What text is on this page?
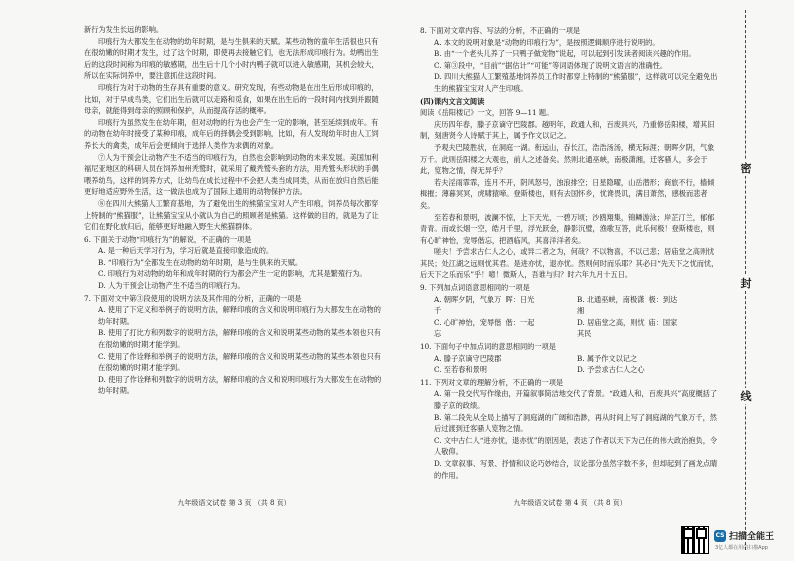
新行为发生长远的影响。

印痕行为大都发生在动物的幼年时期，是与生俱来的天赋。某些动物的童年生活很也只有在很幼嫩的时期才发生，过了这个时期，即使再去接触它们，也无法形成印痕行为。幼鸭出生后的这段时间称为印痕的敏感期，出生后十几个小时内鸭子就可以进入敏感期，其机会较大，所以在实际饲养中，要注意抓住这段时间。

印痕行为对于动物的生存具有重要的意义。研究发现，有些动物是在出生后形成印痕的，比如，对于早成鸟类，它们出生后就可以走路和觅食，如果在出生后的一段时间内找到并跟随母亲，就能得到母亲的照顾和保护，从而提高存活的概率。

印痕行为虽然发生在幼年期，但对动物的行为也会产生一定的影响，甚至延续到成年。有的动物在幼年时接受了某种印痕，成年后的择偶会受到影响，比如，有人发现幼年时由人工饲养长大的禽类，成年后会更倾向于选择人类作为求偶的对象。

⑦人为干预会让动物产生不适当的印痕行为，自然也会影响到动物的未来发展。美国加利福尼亚地区的科研人员在饲养加州秃鹫时，就采用了戴秃鹫头套的方法，用秃鹫头形状的手偶喂养幼鸟，这样的饲养方式，让幼鸟在成长过程中不会把人类当成同类，从而在放归自然后能更好地适应野外生活，这一做法也成为了国际上通用的动物保护方法。

⑧在四川大熊猫人工繁育基地，为了避免出生的熊猫宝宝对人产生印痕，饲养员每次都穿上特制的“熊猫服”，让熊猫宝宝从小就认为自己的照顾者是熊猫。这样做的目的，就是为了让它们在野化放归后，能够更好地融入野生大熊猫群体。

6. 下面关于动物“印痕行为”的解说，不正确的一项是

A. 是一种后天学习行为，学习后就是直接印象造成的。

B. “印痕行为”全都发生在动物的幼年时期，是与生俱来的天赋。

C. 印痕行为对动物的幼年和成年时期的行为都会产生一定的影响，尤其是繁殖行为。

D. 人为干预会让动物产生不适当的印痕行为。

7. 下面对文中第③段使用的说明方法及其作用的分析，正确的一项是

A. 使用了下定义和举例子的说明方法，解释印痕的含义和说明印痕行为大都发生在动物的幼年时期。

B. 使用了打比方和列数字的说明方法，解释印痕的含义和说明某些动物的某些本领也只有在很幼嫩的时期才能学到。

C. 使用了作诠释和举例子的说明方法，解释印痕的含义和说明某些动物的某些本领也只有在很幼嫩的时期才能学到。

D. 使用了作诠释和列数字的说明方法，解释印痕的含义和说明印痕行为大都发生在动物的幼年时期。

九年级语文试卷 第 3 页 （共 8 页）

8. 下面对文章内容、写法的分析，不正确的一项是

A. 本文的说明对象是“动物的印痕行为”，是按照逻辑顺序进行说明的。

B. 由“一个老头儿养了一只鸭子做宠物”说起，可以起到引发读者阅读兴趣的作用。

C. 第③段中，“目前”“据估计”“可能”等词语体现了说明文语言的准确性。

D. 四川大熊猫人工繁殖基地饲养员工作时都穿上特制的“熊猫服”，这样就可以完全避免出生的熊猫宝宝对人产生印痕。

(四)课内文言文阅读

阅读《岳阳楼记》一文，回答 9—11 题。

庆历四年春，滕子京谪守巴陵郡。越明年，政通人和，百废具兴，乃重修岳阳楼，增其旧制，刻唐贤今人诗赋于其上，属予作文以记之。

予观夫巴陵胜状，在洞庭一湖。衔远山，吞长江，浩浩汤汤，横无际涯；朝晖夕阴，气象万千。此则岳阳楼之大观也，前人之述备矣。然则北通巫峡，南极潇湘，迁客骚人，多会于此，览物之情，得无异乎？

若夫淫雨霏霏，连月不开，阴风怒号，浊浪排空；日星隐曜，山岳潜形；商旅不行，樯倾楫摧；薄暮冥冥，虎啸猿啼。登斯楼也，则有去国怀乡，忧谗畏讥，满目萧然，感极而悲者矣。

至若春和景明，波澜不惊，上下天光，一碧万顷；沙鸥翔集，锦鳞游泳；岸芷汀兰，郁郁青青。而或长烟一空，皓月千里，浮光跃金，静影沉璧，渔歌互答，此乐何极！登斯楼也，则有心旷神怡，宠辱偕忘，把酒临风，其喜洋洋者矣。

嗟夫！予尝求古仁人之心，或异二者之为，何哉？不以物喜，不以己悲；居庙堂之高则忧其民；处江湖之远则忧其君。是进亦忧，退亦忧。然则何时而乐耶？其必曰“先天下之忧而忧，后天下之乐而乐”乎！噫！微斯人，吾谁与归？时六年九月十五日。

9. 下列加点词语意思相同的一项是

A. 朝晖夕阴，气象万千
晖：日光	B. 北通巫峡，南极潇湘
极：到达
C. 心旷神怡，宠辱偕忘
偕：一起	D. 居庙堂之高，则忧其民
庙：国家

10. 下面句子中加点词的意思相同的一项是

A. 滕子京谪守巴陵郡	B. 属予作文以记之
C. 至若春和景明	D. 予尝求古仁人之心

11. 下列对文章的理解分析，不正确的一项是

A. 第一段交代写作缘由，开篇叙事简洁地交代了背景。“政通人和，百废具兴”高度概括了滕子京的政绩。

B. 第二段先从全局上描写了洞庭湖的广阔和浩渺，再从时间上写了洞庭湖的气象万千，然后过渡到迁客骚人览物之情。

C. 文中古仁人“进亦忧，退亦忧”的原因是，表达了作者以天下为己任的伟大政治抱负，令人敬仰。

D. 文章叙事、写景、抒情和议论巧妙结合，议论部分虽然字数不多，但却起到了画龙点睛的作用。

九年级语文试卷 第 4 页 （共 8 页）
密
封
线
CS 扫描全能王
3亿人都在用的扫描App
